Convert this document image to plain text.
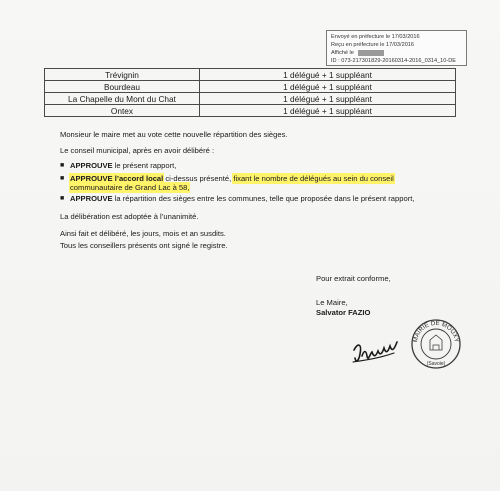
Envoyé en préfecture le 17/03/2016
Reçu en préfecture le 17/03/2016
Affiché le
ID : 073-217301829-20160314-2016_0314_10-DE
Trévignin	1 délégué + 1 suppléant
Bourdeau	1 délégué + 1 suppléant
La Chapelle du Mont du Chat	1 délégué + 1 suppléant
Ontex	1 délégué + 1 suppléant
Monsieur le maire met au vote cette nouvelle répartition des sièges.
Le conseil municipal, après en avoir délibéré :
■ APPROUVE le présent rapport,
■ APPROUVE l’accord local ci-dessus présenté, fixant le nombre de délégués au sein du conseil
communautaire de Grand Lac à 58,
■ APPROUVE la répartition des sièges entre les communes, telle que proposée dans le présent rapport,
La délibération est adoptée à l’unanimité.
Ainsi fait et délibéré, les jours, mois et an susdits.
Tous les conseillers présents ont signé le registre.
Pour extrait conforme,
Le Maire,
Salvator FAZIO
MAIRIE DE MOUXY
(Savoie)
